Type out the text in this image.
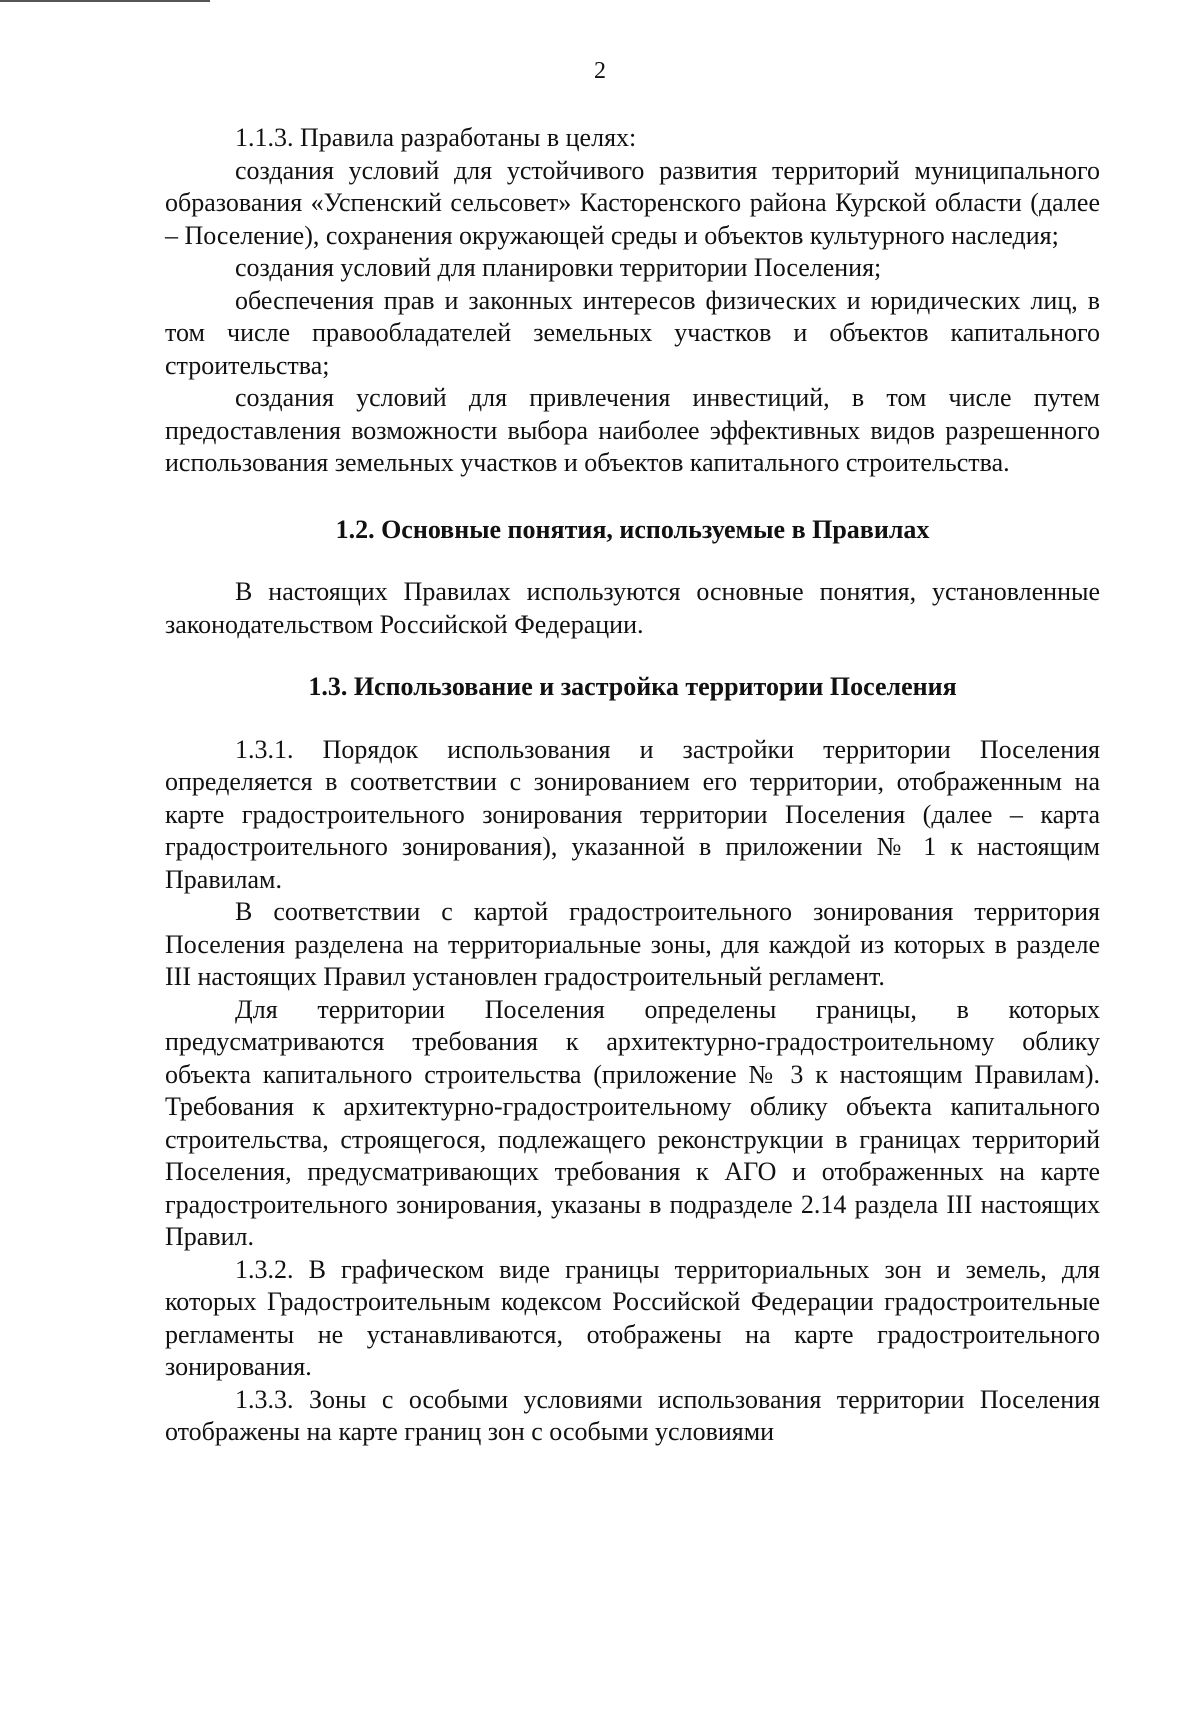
2

1.1.3. Правила разработаны в целях:

создания условий для устойчивого развития территорий муниципального образования «Успенский сельсовет» Касторенского района Курской области (далее – Поселение), сохранения окружающей среды и объектов культурного наследия;

создания условий для планировки территории Поселения;

обеспечения прав и законных интересов физических и юридических лиц, в том числе правообладателей земельных участков и объектов капитального строительства;

создания условий для привлечения инвестиций, в том числе путем предоставления возможности выбора наиболее эффективных видов разрешенного использования земельных участков и объектов капитального строительства.

1.2. Основные понятия, используемые в Правилах

В настоящих Правилах используются основные понятия, установленные законодательством Российской Федерации.

1.3. Использование и застройка территории Поселения

1.3.1. Порядок использования и застройки территории Поселения определяется в соответствии с зонированием его территории, отображенным на карте градостроительного зонирования территории Поселения (далее – карта градостроительного зонирования), указанной в приложении № 1 к настоящим Правилам.

В соответствии с картой градостроительного зонирования территория Поселения разделена на территориальные зоны, для каждой из которых в разделе III настоящих Правил установлен градостроительный регламент.

Для территории Поселения определены границы, в которых предусматриваются требования к архитектурно-градостроительному облику объекта капитального строительства (приложение № 3 к настоящим Правилам). Требования к архитектурно-градостроительному облику объекта капитального строительства, строящегося, подлежащего реконструкции в границах территорий Поселения, предусматривающих требования к АГО и отображенных на карте градостроительного зонирования, указаны в подразделе 2.14 раздела III настоящих Правил.

1.3.2. В графическом виде границы территориальных зон и земель, для которых Градостроительным кодексом Российской Федерации градостроительные регламенты не устанавливаются, отображены на карте градостроительного зонирования.

1.3.3. Зоны с особыми условиями использования территории Поселения отображены на карте границ зон с особыми условиями
